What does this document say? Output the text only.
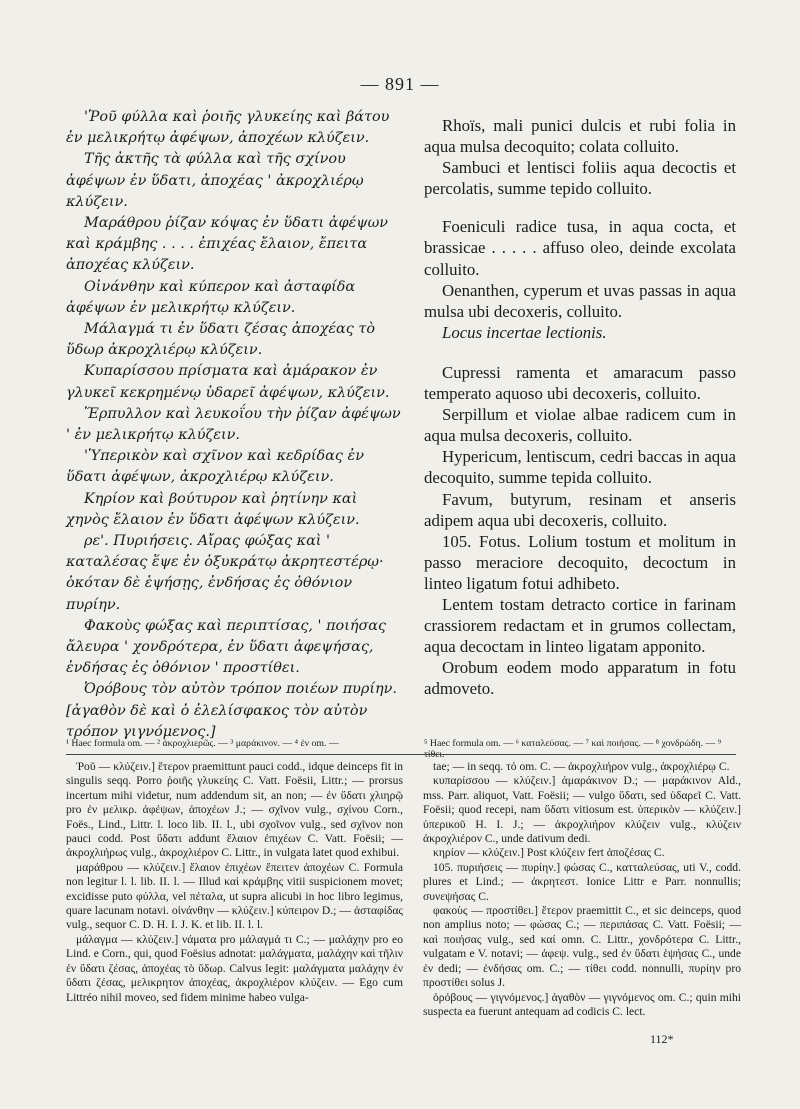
— 891 —

'Ῥοῦ φύλλα καὶ ῥοιῆς γλυκείης καὶ βάτου ἐν μελικρήτῳ ἀφέψων, ἀποχέων κλύζειν.

Τῆς ἀκτῆς τὰ φύλλα καὶ τῆς σχίνου ἀφέψων ἐν ὕδατι, ἀποχέας ' ἀκροχλιέρῳ κλύζειν.

Μαράθρου ῥίζαν κόψας ἐν ὕδατι ἀφέψων καὶ κράμβης . . . . ἐπιχέας ἔλαιον, ἔπειτα ἀποχέας κλύζειν.

Οἰνάνθην καὶ κύπερον καὶ ἀσταφίδα ἀφέψων ἐν μελικρήτῳ κλύζειν.

Μάλαγμά τι ἐν ὕδατι ζέσας ἀποχέας τὸ ὕδωρ ἀκροχλιέρῳ κλύζειν.

Κυπαρίσσου πρίσματα καὶ ἀμάρακον ἐν γλυκεῖ κεκρημένῳ ὑδαρεῖ ἀφέψων, κλύζειν.

Ἕρπυλλον καὶ λευκοΐου τὴν ῥίζαν ἀφέψων ' ἐν μελικρήτῳ κλύζειν.

'Ὑπερικὸν καὶ σχῖνον καὶ κεδρίδας ἐν ὕδατι ἀφέψων, ἀκροχλιέρῳ κλύζειν.

Κηρίον καὶ βούτυρον καὶ ῥητίνην καὶ χηνὸς ἔλαιον ἐν ὕδατι ἀφέψων κλύζειν.

ρε'. Πυριήσεις. Αἴρας φώξας καὶ ' καταλέσας ἕψε ἐν ὀξυκράτῳ ἀκρητεστέρῳ· ὁκόταν δὲ ἑψήσῃς, ἐνδήσας ἐς ὀθόνιον πυρίην.

Φακοὺς φώξας καὶ περιπτίσας, ' ποιήσας ἄλευρα ' χονδρότερα, ἐν ὕδατι ἀφεψήσας, ἐνδήσας ἐς ὀθόνιον ' προστίθει.

Ὀρόβους τὸν αὐτὸν τρόπον ποιέων πυρίην. [ἀγαθὸν δὲ καὶ ὁ ἐλελίσφακος τὸν αὐτὸν τρόπον γιγνόμενος.]

Rhoïs, mali punici dulcis et rubi folia in aqua mulsa decoquito; colata colluito.

Sambuci et lentisci foliis aqua decoctis et percolatis, summe tepido colluito.

Foeniculi radice tusa, in aqua cocta, et brassicae . . . . . affuso oleo, deinde excolata colluito.

Oenanthen, cyperum et uvas passas in aqua mulsa ubi decoxeris, colluito.

Locus incertae lectionis.

Cupressi ramenta et amaracum passo temperato aquoso ubi decoxeris, colluito.

Serpillum et violae albae radicem cum in aqua mulsa decoxeris, colluito.

Hypericum, lentiscum, cedri baccas in aqua decoquito, summe tepida colluito.

Favum, butyrum, resinam et anseris adipem aqua ubi decoxeris, colluito.

105. Fotus. Lolium tostum et molitum in passo meraciore decoquito, decoctum in linteo ligatum fotui adhibeto.

Lentem tostam detracto cortice in farinam crassiorem redactam et in grumos collectam, aqua decoctam in linteo ligatam apponito.

Orobum eodem modo apparatum in fotu admoveto.

¹ Haec formula om. — ² ἀκροχλιερῶς. — ³ μαράκινον. — ⁴ ἐν om. —	⁵ Haec formula om. — ⁶ καταλεύσας. — ⁷ καὶ ποιήσας. — ⁸ χονδρώδη. — ⁹ τίθει.

Ῥοῦ — κλύζειν.] ἕτερον praemittunt pauci codd., idque deinceps fit in singulis seqq. Porro ῥοιῆς γλυκείης C. Vatt. Foësii, Littr.; — prorsus incertum mihi videtur, num addendum sit, an non; — ἐν ὕδατι χλιηρῷ pro ἐν μελικρ. ἀφέψων, ἀποχέων J.; — σχῖνον vulg., σχίνου Corn., Foës., Lind., Littr. l. loco lib. II. l., ubi σχοῖνον vulg., sed σχῖνον non pauci codd. Post ὕδατι addunt ἔλαιον ἐπιχέων C. Vatt. Foësii; — ἀκροχλιήρως vulg., ἀκροχλιέρον C. Littr., in vulgata latet quod exhibui.

μαράθρου — κλύζειν.] ἔλαιον ἐπιχέων ἔπειτεν ἀποχέων C. Formula non legitur l. l. lib. II. l. — Illud καὶ κράμβης vitii suspicionem movet; excidisse puto φύλλα, vel πέταλα, ut supra alicubi in hoc libro legimus, quare lacunam notavi. οἰνάνθην — κλύζειν.] κύπειρον D.; — ἀσταφίδας vulg., sequor C. D. H. I. J. K. et lib. II. l. l.

μάλαγμα — κλύζειν.] νάματα pro μάλαγμά τι C.; — μαλάχην pro eo Lind. e Corn., qui, quod Foësius adnotat: μαλάγματα, μαλάχην καὶ τῆλιν ἐν ὕδατι ζέσας, ἀποχέας τὸ ὕδωρ. Calvus legit: μαλάγματα μαλάχην ἐν ὕδατι ζέσας, μελικρητον ἀποχέας, ἀκροχλιέρον κλύζειν. — Ego cum Littréo nihil moveo, sed fidem minime habeo vulga-

tae; — in seqq. τό om. C. — ἀκροχλιήρον vulg., ἀκροχλιέρῳ C.

κυπαρίσσου — κλύζειν.] ἀμαράκινον D.; — μαράκινον Ald., mss. Parr. aliquot, Vatt. Foësii; — vulgo ὕδατι, sed ὑδαρεῖ C. Vatt. Foësii; quod recepi, nam ὕδατι vitiosum est. ὑπερικὸν — κλύζειν.] ὑπερικοῦ H. I. J.; — ἀκροχλιήρον κλύζειν vulg., κλύζειν ἀκροχλιέρον C., unde dativum dedi.

κηρίον — κλύζειν.] Post κλύζειν fert ἀποζέσας C.

105. πυριήσεις — πυρίην.] φώσας C., κατταλεύσας, uti V., codd. plures et Lind.; — ἀκρητεστ. Ionice Littr e Parr. nonnullis; συνεψήσας C.

φακοὺς — προστίθει.] ἕτερον praemittit C., et sic deinceps, quod non amplius noto; — φώσας C.; — περιπάσας C. Vatt. Foësii; — καὶ ποιήσας vulg., sed καί omn. C. Littr., χονδρότερα C. Littr., vulgatam e V. notavi; — ἀφεψ. vulg., sed ἐν ὕδατι ἑψήσας C., unde ἐν dedi; — ἐνδήσας om. C.; — τίθει codd. nonnulli, πυρίην pro προστίθει solus J.

ὀρόβους — γιγνόμενος.] ἀγαθὸν — γιγνόμενος om. C.; quin mihi suspecta ea fuerunt antequam ad codicis C. lect.

112*
